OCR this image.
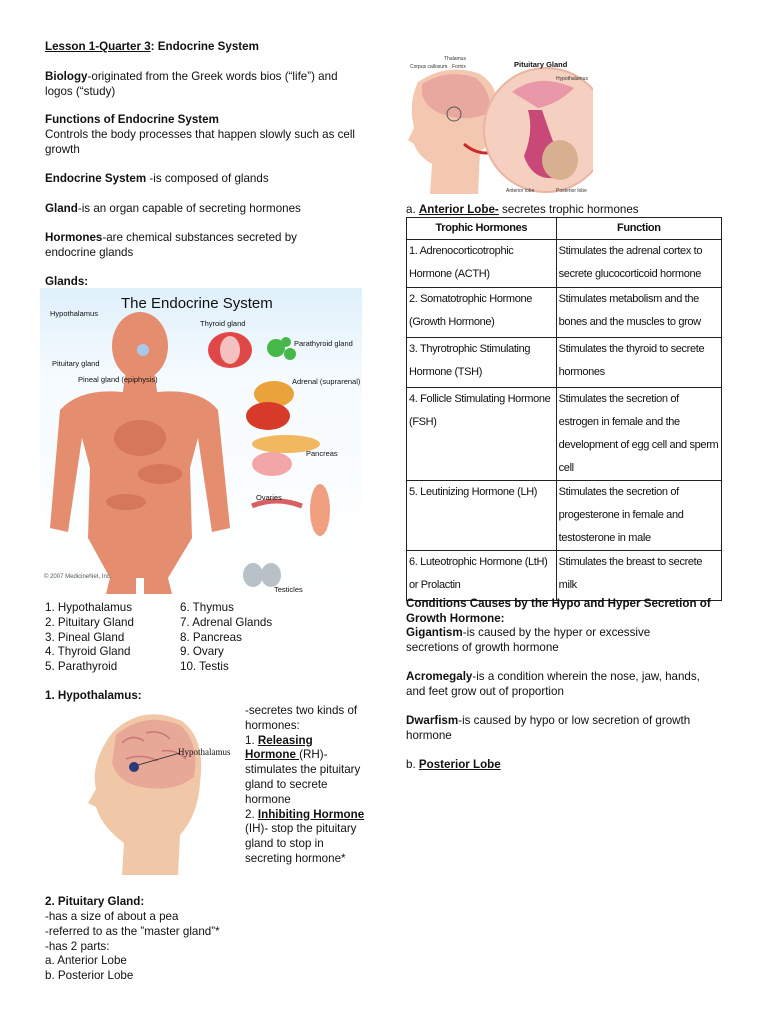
Lesson 1-Quarter 3: Endocrine System

Biology-originated from the Greek words bios (“life”) and logos (“study)

Functions of Endocrine System

Controls the body processes that happen slowly such as cell growth

Endocrine System -is composed of glands

Gland-is an organ capable of secreting hormones

Hormones-are chemical substances secreted by endocrine glands

Glands:

The Endocrine System
Hypothalamus
Pituitary gland
Pineal gland (epiphysis)
Thyroid gland
Parathyroid gland
Adrenal (suprarenal)
Pancreas
Ovaries
Testicles
© 2007 MedicineNet, Inc.
1. Hypothalamus
2. Pituitary Gland
3. Pineal Gland
4. Thyroid Gland
5. Parathyroid
6. Thymus
7. Adrenal Glands
8. Pancreas
9. Ovary
10. Testis

1. Hypothalamus:

Hypothalamus

-secretes two kinds of hormones:

1. Releasing Hormone (RH)- stimulates the pituitary gland to secrete hormone

2. Inhibiting Hormone (IH)- stop the pituitary gland to stop in secreting hormone*

2. Pituitary Gland:

-has a size of about a pea

-referred to as the ”master gland”*

-has 2 parts:

a. Anterior Lobe

b. Posterior Lobe

Corpus callosum
Thalamus
Fornix
Hypothalamus
Anterior lobe	Posterior lobe
Pituitary Gland

a. Anterior Lobe- secretes trophic hormones

Trophic Hormones	Function
1. Adrenocorticotrophic Hormone (ACTH)	Stimulates the adrenal cortex to secrete glucocorticoid hormone
2. Somatotrophic Hormone (Growth Hormone)	Stimulates metabolism and the bones and the muscles to grow
3. Thyrotrophic Stimulating Hormone (TSH)	Stimulates the thyroid to secrete hormones
4. Follicle Stimulating Hormone (FSH)	Stimulates the secretion of estrogen in female and the development of egg cell and sperm cell
5. Leutinizing Hormone (LH)	Stimulates the secretion of progesterone in female and testosterone in male
6. Luteotrophic Hormone (LtH) or Prolactin	Stimulates the breast to secrete milk

Conditions Causes by the Hypo and Hyper Secretion of Growth Hormone:

Gigantism-is caused by the hyper or excessive secretions of growth hormone

Acromegaly-is a condition wherein the nose, jaw, hands, and feet grow out of proportion

Dwarfism-is caused by hypo or low secretion of growth hormone

b. Posterior Lobe
